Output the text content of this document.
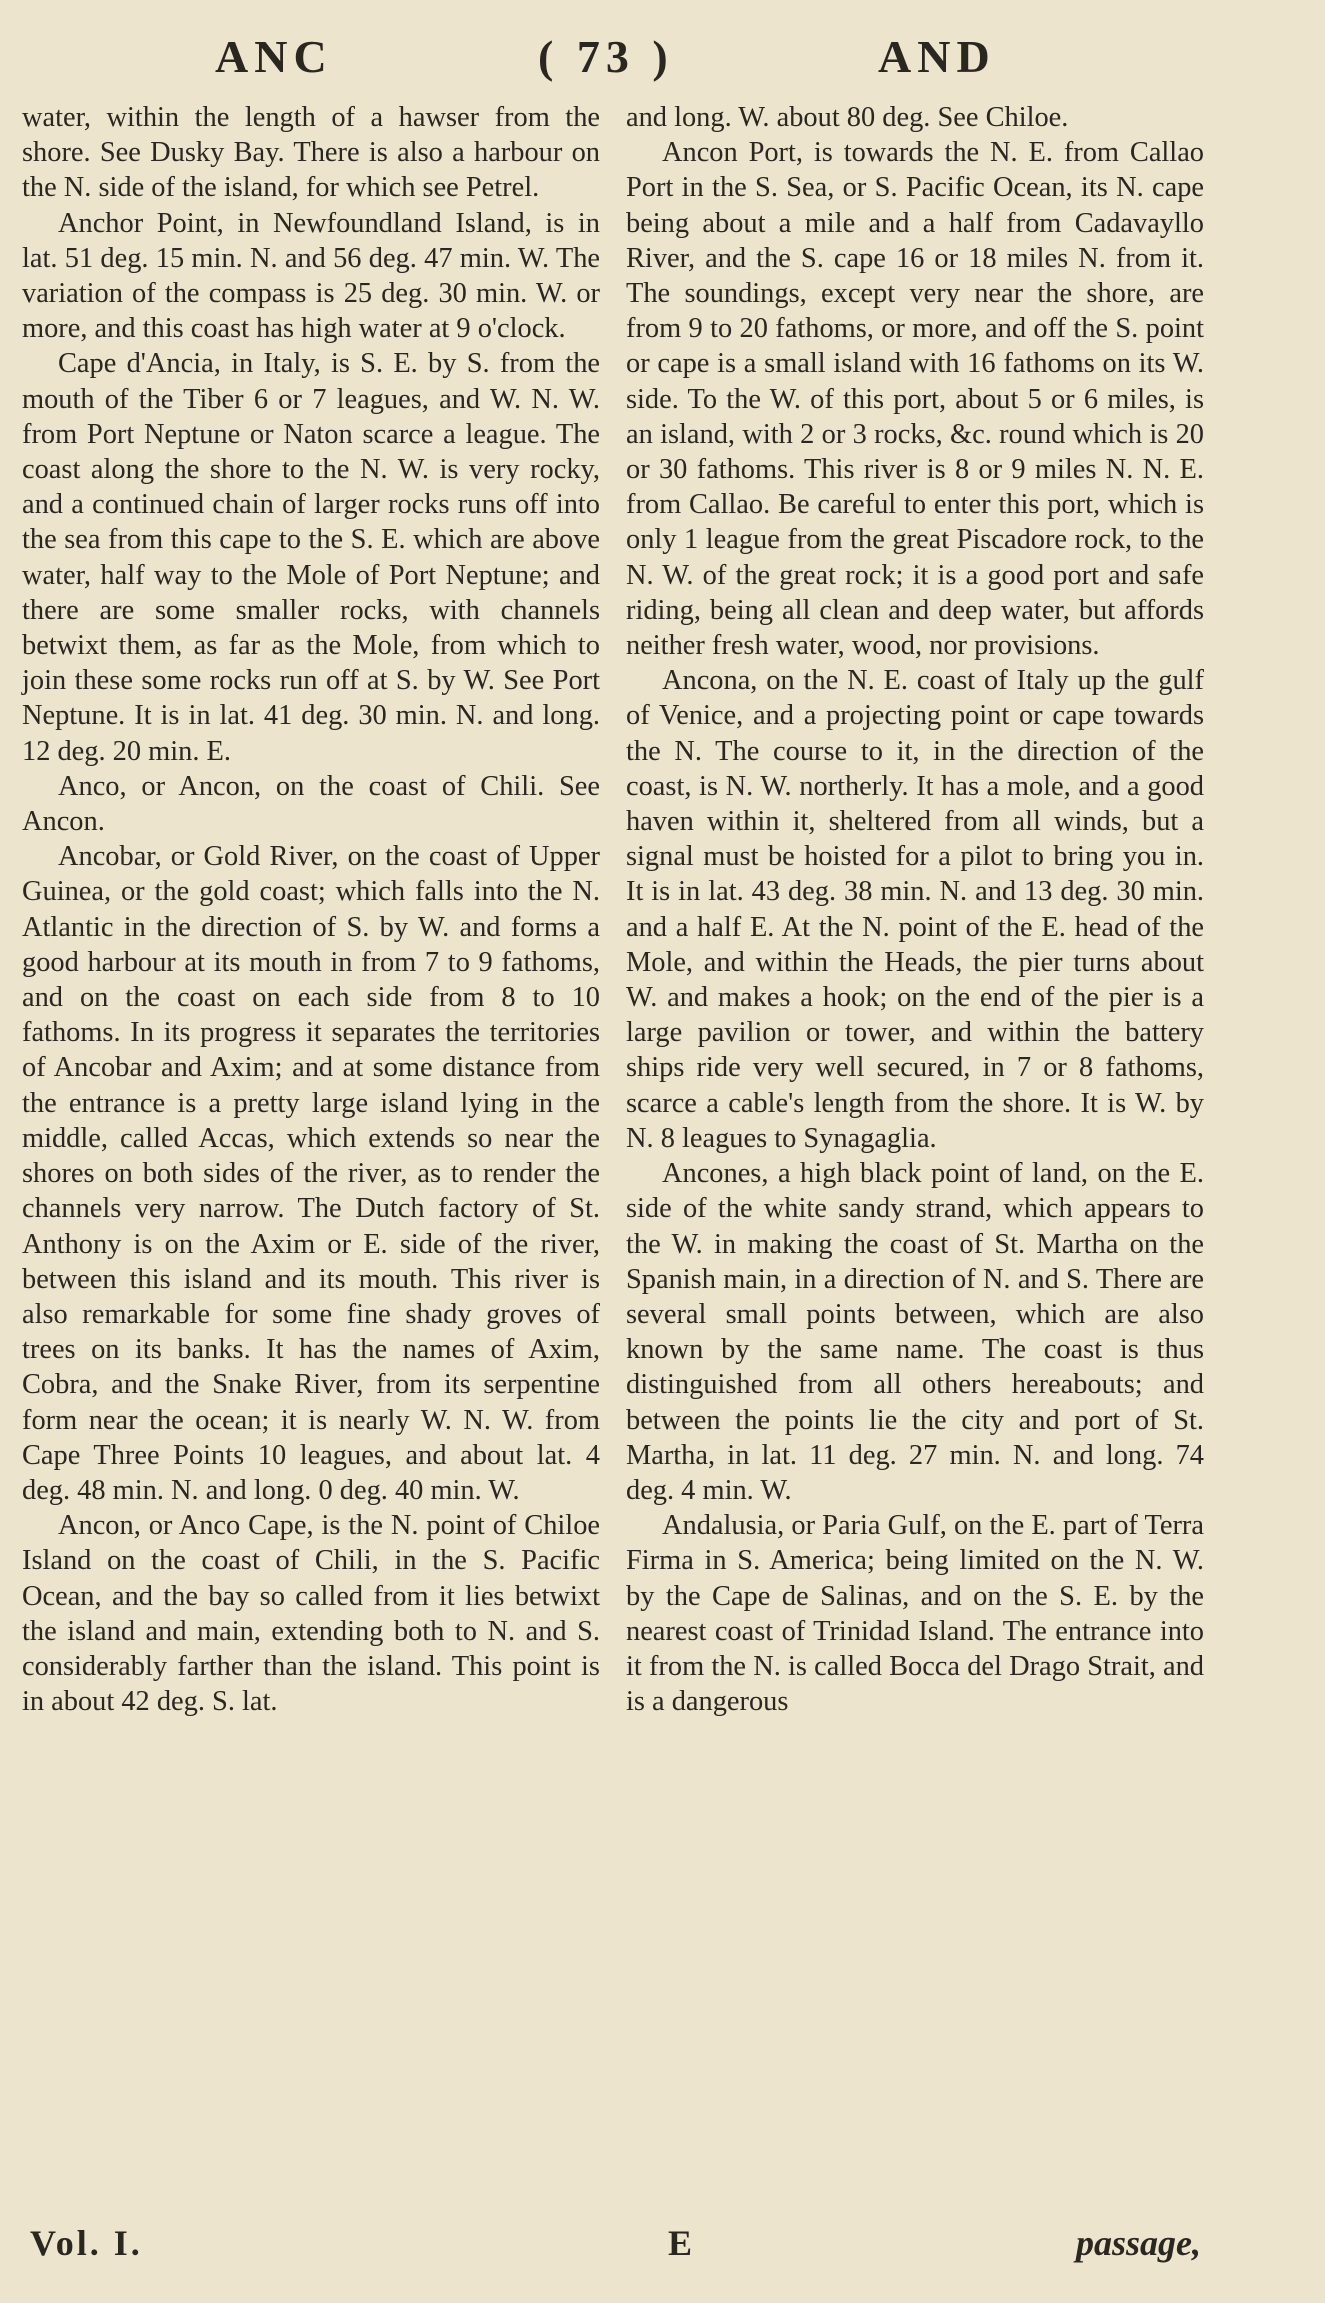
ANC	( 73 )	AND

water, within the length of a hawser from the shore. See Dusky Bay. There is also a harbour on the N. side of the island, for which see Petrel.

Anchor Point, in Newfoundland Island, is in lat. 51 deg. 15 min. N. and 56 deg. 47 min. W. The variation of the compass is 25 deg. 30 min. W. or more, and this coast has high water at 9 o'clock.

Cape d'Ancia, in Italy, is S. E. by S. from the mouth of the Tiber 6 or 7 leagues, and W. N. W. from Port Neptune or Naton scarce a league. The coast along the shore to the N. W. is very rocky, and a continued chain of larger rocks runs off into the sea from this cape to the S. E. which are above water, half way to the Mole of Port Neptune; and there are some smaller rocks, with channels betwixt them, as far as the Mole, from which to join these some rocks run off at S. by W. See Port Neptune. It is in lat. 41 deg. 30 min. N. and long. 12 deg. 20 min. E.

Anco, or Ancon, on the coast of Chili. See Ancon.

Ancobar, or Gold River, on the coast of Upper Guinea, or the gold coast; which falls into the N. Atlantic in the direction of S. by W. and forms a good harbour at its mouth in from 7 to 9 fathoms, and on the coast on each side from 8 to 10 fathoms. In its progress it separates the territories of Ancobar and Axim; and at some distance from the entrance is a pretty large island lying in the middle, called Accas, which extends so near the shores on both sides of the river, as to render the channels very narrow. The Dutch factory of St. Anthony is on the Axim or E. side of the river, between this island and its mouth. This river is also remarkable for some fine shady groves of trees on its banks. It has the names of Axim, Cobra, and the Snake River, from its serpentine form near the ocean; it is nearly W. N. W. from Cape Three Points 10 leagues, and about lat. 4 deg. 48 min. N. and long. 0 deg. 40 min. W.

Ancon, or Anco Cape, is the N. point of Chiloe Island on the coast of Chili, in the S. Pacific Ocean, and the bay so called from it lies betwixt the island and main, extending both to N. and S. considerably farther than the island. This point is in about 42 deg. S. lat.

and long. W. about 80 deg. See Chiloe.

Ancon Port, is towards the N. E. from Callao Port in the S. Sea, or S. Pacific Ocean, its N. cape being about a mile and a half from Cadavayllo River, and the S. cape 16 or 18 miles N. from it. The soundings, except very near the shore, are from 9 to 20 fathoms, or more, and off the S. point or cape is a small island with 16 fathoms on its W. side. To the W. of this port, about 5 or 6 miles, is an island, with 2 or 3 rocks, &c. round which is 20 or 30 fathoms. This river is 8 or 9 miles N. N. E. from Callao. Be careful to enter this port, which is only 1 league from the great Piscadore rock, to the N. W. of the great rock; it is a good port and safe riding, being all clean and deep water, but affords neither fresh water, wood, nor provisions.

Ancona, on the N. E. coast of Italy up the gulf of Venice, and a projecting point or cape towards the N. The course to it, in the direction of the coast, is N. W. northerly. It has a mole, and a good haven within it, sheltered from all winds, but a signal must be hoisted for a pilot to bring you in. It is in lat. 43 deg. 38 min. N. and 13 deg. 30 min. and a half E. At the N. point of the E. head of the Mole, and within the Heads, the pier turns about W. and makes a hook; on the end of the pier is a large pavilion or tower, and within the battery ships ride very well secured, in 7 or 8 fathoms, scarce a cable's length from the shore. It is W. by N. 8 leagues to Synagaglia.

Ancones, a high black point of land, on the E. side of the white sandy strand, which appears to the W. in making the coast of St. Martha on the Spanish main, in a direction of N. and S. There are several small points between, which are also known by the same name. The coast is thus distinguished from all others hereabouts; and between the points lie the city and port of St. Martha, in lat. 11 deg. 27 min. N. and long. 74 deg. 4 min. W.

Andalusia, or Paria Gulf, on the E. part of Terra Firma in S. America; being limited on the N. W. by the Cape de Salinas, and on the S. E. by the nearest coast of Trinidad Island. The entrance into it from the N. is called Bocca del Drago Strait, and is a dangerous

Vol. I.	E	passage,
